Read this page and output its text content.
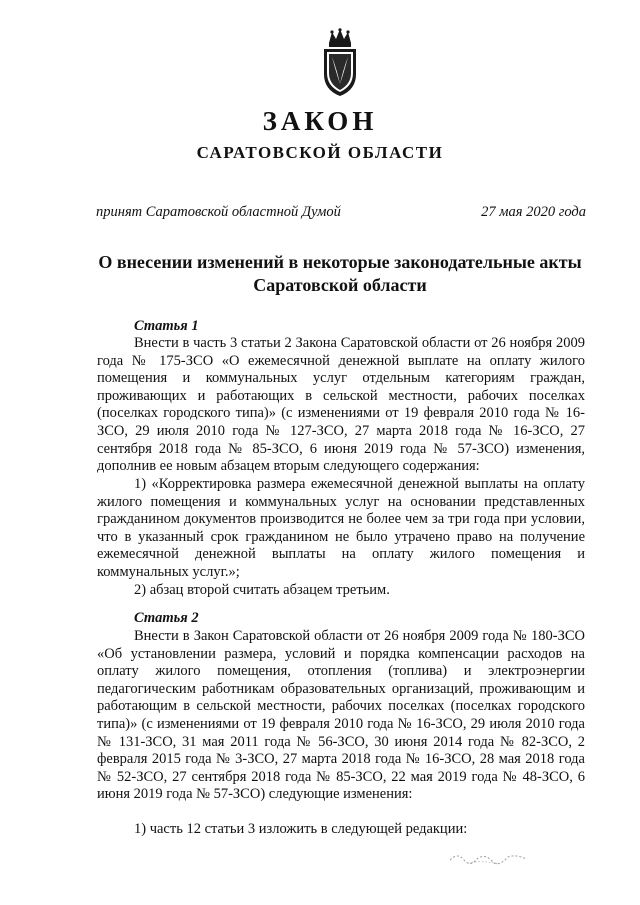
ЗАКОН
САРАТОВСКОЙ ОБЛАСТИ
принят Саратовской областной Думой	27 мая 2020 года
О внесении изменений в некоторые законодательные акты Саратовской области
Статья 1
Внести в часть 3 статьи 2 Закона Саратовской области от 26 ноября 2009 года № 175-ЗСО «О ежемесячной денежной выплате на оплату жилого помещения и коммунальных услуг отдельным категориям граждан, проживающих и работающих в сельской местности, рабочих поселках (поселках городского типа)» (с изменениями от 19 февраля 2010 года № 16-ЗСО, 29 июля 2010 года № 127-ЗСО, 27 марта 2018 года № 16-ЗСО, 27 сентября 2018 года № 85-ЗСО, 6 июня 2019 года № 57-ЗСО) изменения, дополнив ее новым абзацем вторым следующего содержания:
1) «Корректировка размера ежемесячной денежной выплаты на оплату жилого помещения и коммунальных услуг на основании представленных гражданином документов производится не более чем за три года при условии, что в указанный срок гражданином не было утрачено право на получение ежемесячной денежной выплаты на оплату жилого помещения и коммунальных услуг.»;
2) абзац второй считать абзацем третьим.
Статья 2
Внести в Закон Саратовской области от 26 ноября 2009 года № 180-ЗСО «Об установлении размера, условий и порядка компенсации расходов на оплату жилого помещения, отопления (топлива) и электроэнергии педагогическим работникам образовательных организаций, проживающим и работающим в сельской местности, рабочих поселках (поселках городского типа)» (с изменениями от 19 февраля 2010 года № 16-ЗСО, 29 июля 2010 года № 131-ЗСО, 31 мая 2011 года № 56-ЗСО, 30 июня 2014 года № 82-ЗСО, 2 февраля 2015 года № 3-ЗСО, 27 марта 2018 года № 16-ЗСО, 28 мая 2018 года № 52-ЗСО, 27 сентября 2018 года № 85-ЗСО, 22 мая 2019 года № 48-ЗСО, 6 июня 2019 года № 57-ЗСО) следующие изменения:
1) часть 12 статьи 3 изложить в следующей редакции:
